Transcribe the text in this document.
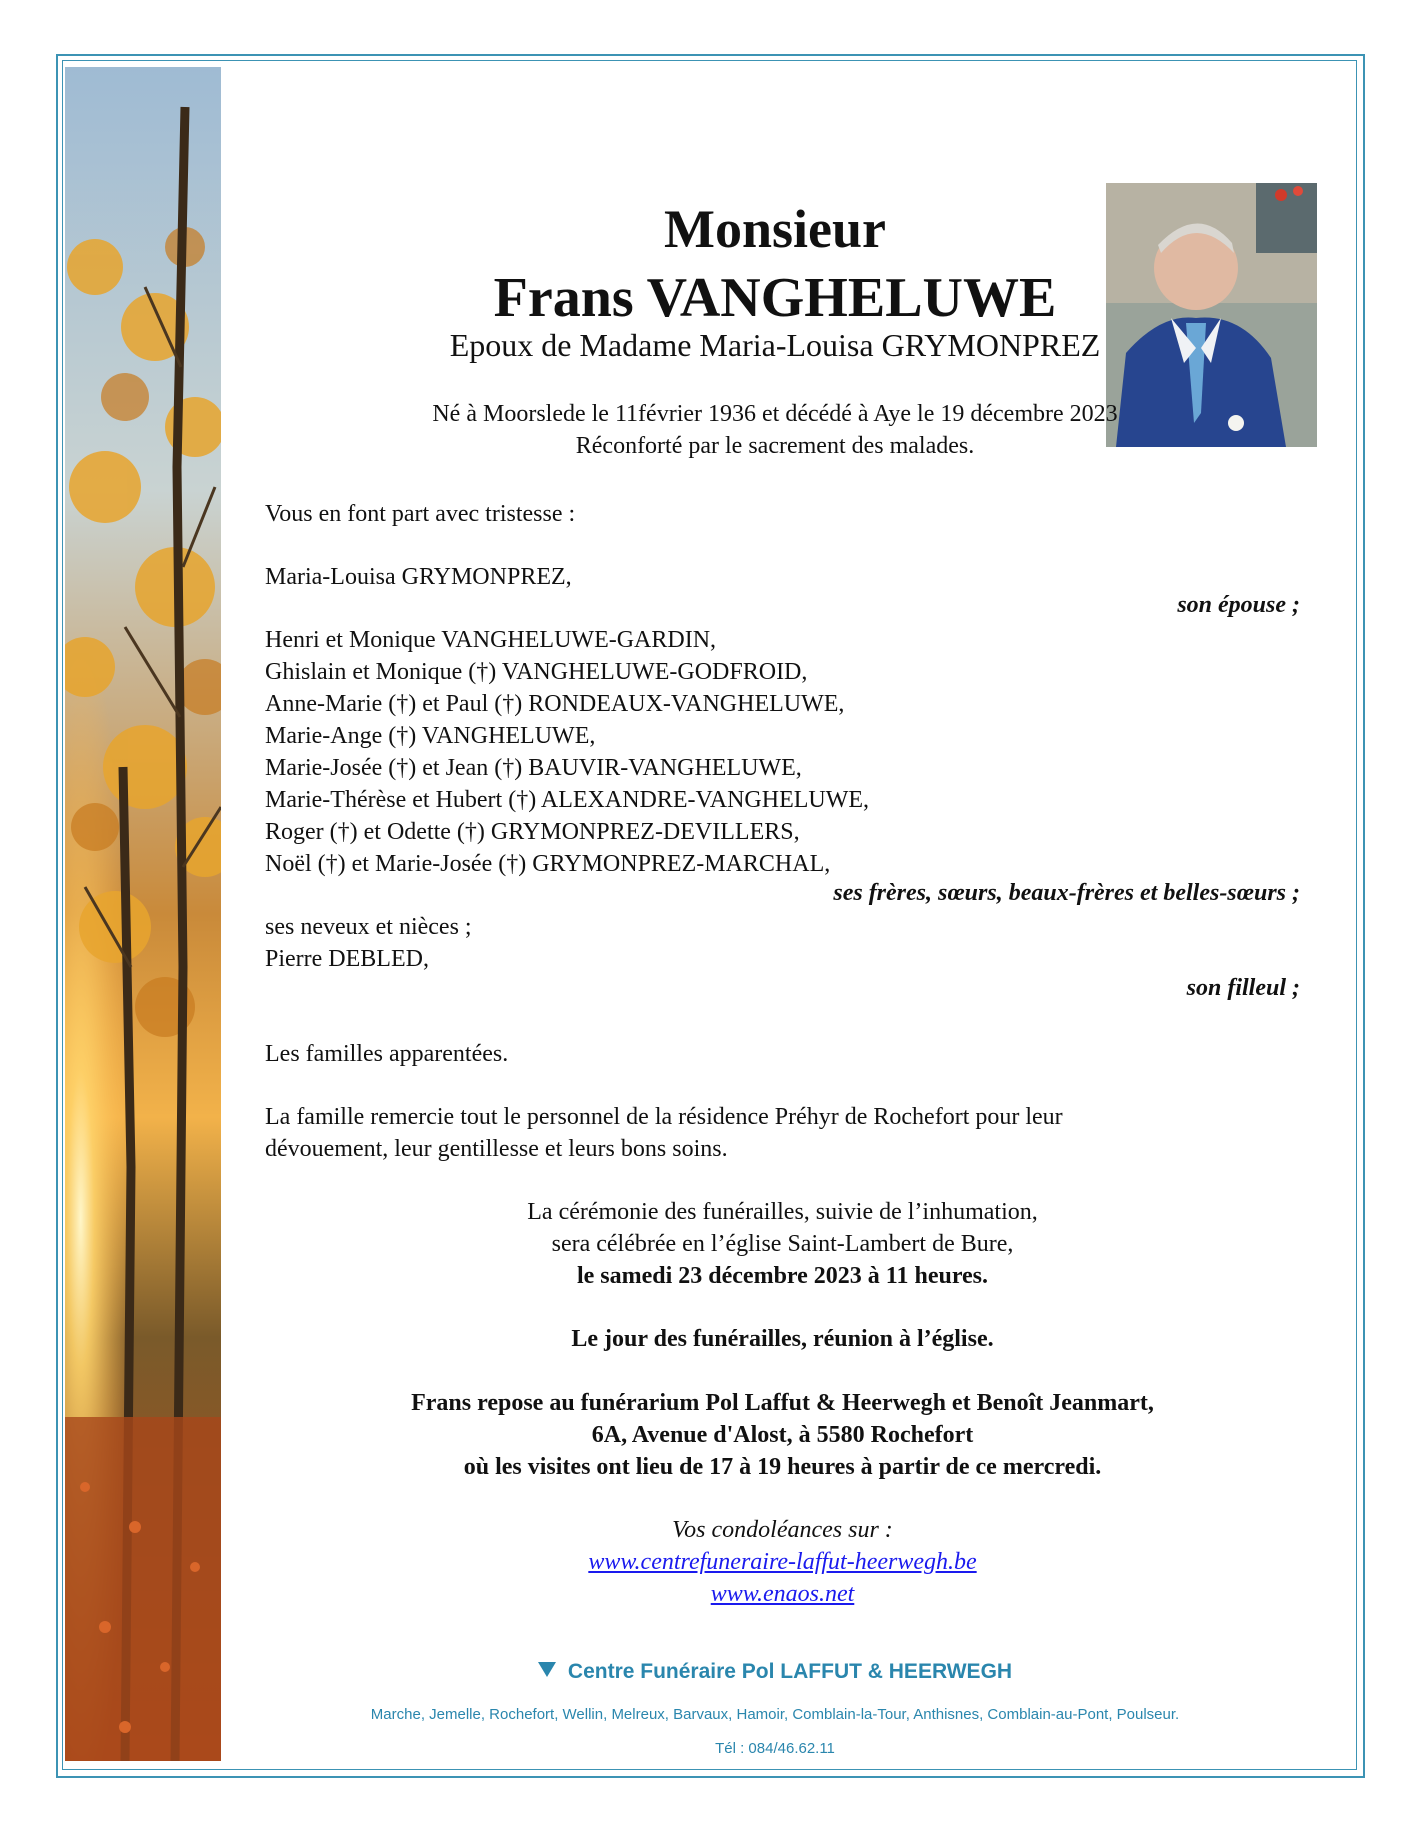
Monsieur
Frans VANGHELUWE
Epoux de Madame Maria-Louisa GRYMONPREZ
Né à Moorslede le 11février 1936 et décédé à Aye le 19 décembre 2023
Réconforté par le sacrement des malades.
Vous en font part avec tristesse :
Maria-Louisa GRYMONPREZ,
son épouse ;
Henri et Monique VANGHELUWE-GARDIN,
Ghislain et Monique (†) VANGHELUWE-GODFROID,
Anne-Marie (†) et Paul (†) RONDEAUX-VANGHELUWE,
Marie-Ange (†) VANGHELUWE,
Marie-Josée (†) et Jean (†) BAUVIR-VANGHELUWE,
Marie-Thérèse et Hubert (†) ALEXANDRE-VANGHELUWE,
Roger (†) et Odette (†) GRYMONPREZ-DEVILLERS,
Noël (†) et Marie-Josée (†) GRYMONPREZ-MARCHAL,
ses frères, sœurs, beaux-frères et belles-sœurs ;
ses neveux et nièces ;
Pierre DEBLED,
son filleul ;
Les familles apparentées.
La famille remercie tout le personnel de la résidence Préhyr de Rochefort pour leur
dévouement, leur gentillesse et leurs bons soins.
La cérémonie des funérailles, suivie de l’inhumation,
sera célébrée en l’église Saint-Lambert de Bure,
le samedi 23 décembre 2023 à 11 heures.
Le jour des funérailles, réunion à l’église.
Frans repose au funérarium Pol Laffut & Heerwegh et Benoît Jeanmart,
6A, Avenue d'Alost, à 5580 Rochefort
où les visites ont lieu de 17 à 19 heures à partir de ce mercredi.
Vos condoléances sur :
www.centrefuneraire-laffut-heerwegh.be
www.enaos.net
Centre Funéraire Pol LAFFUT & HEERWEGH
Marche, Jemelle, Rochefort, Wellin, Melreux, Barvaux, Hamoir, Comblain-la-Tour, Anthisnes, Comblain-au-Pont, Poulseur.
Tél : 084/46.62.11
